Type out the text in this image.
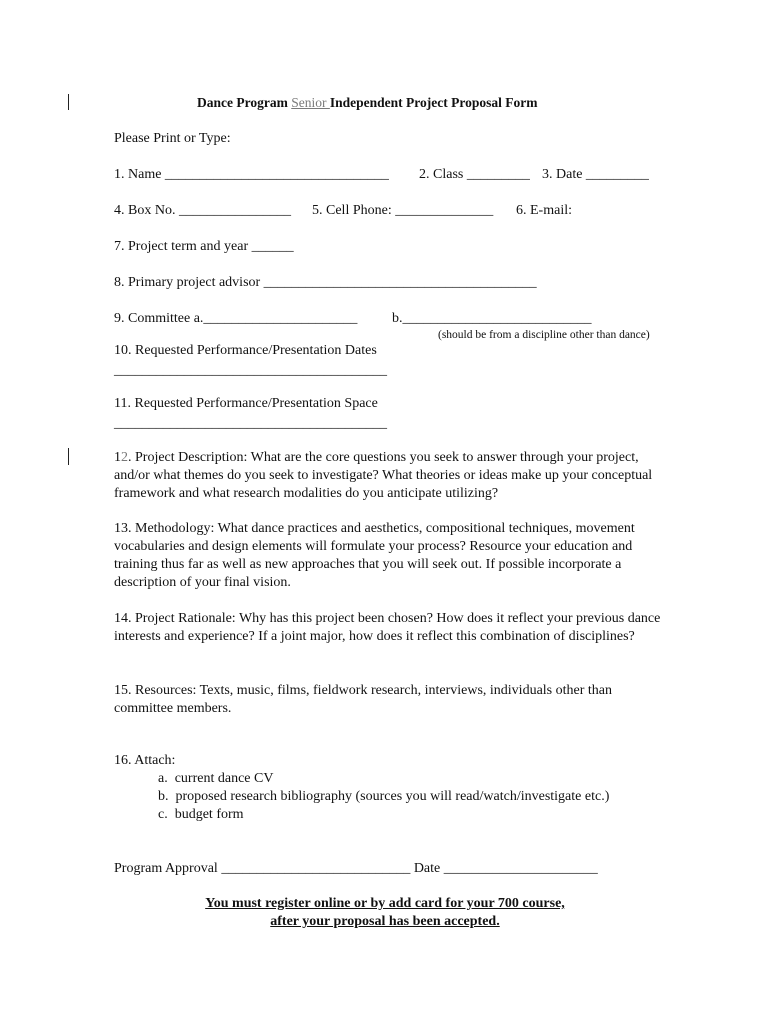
Dance Program Senior Independent Project Proposal Form
Please Print or Type:
1. Name ________________________________ 2. Class _________ 3. Date _________
4. Box No. ________________ 5. Cell Phone: ______________ 6. E-mail:
7. Project term and year ______
8. Primary project advisor _______________________________________
9. Committee a.______________________ b.___________________________
(should be from a discipline other than dance)
10. Requested Performance/Presentation Dates
_______________________________________
11. Requested Performance/Presentation Space
_______________________________________
12. Project Description: What are the core questions you seek to answer through your project, and/or what themes do you seek to investigate? What theories or ideas make up your conceptual framework and what research modalities do you anticipate utilizing?
13. Methodology: What dance practices and aesthetics, compositional techniques, movement vocabularies and design elements will formulate your process? Resource your education and training thus far as well as new approaches that you will seek out. If possible incorporate a description of your final vision.
14. Project Rationale: Why has this project been chosen? How does it reflect your previous dance interests and experience? If a joint major, how does it reflect this combination of disciplines?
15. Resources: Texts, music, films, fieldwork research, interviews, individuals other than committee members.
16. Attach:
a.  current dance CV
b.  proposed research bibliography (sources you will read/watch/investigate etc.)
c.  budget form
Program Approval ___________________________ Date ______________________
You must register online or by add card for your 700 course,
after your proposal has been accepted.
